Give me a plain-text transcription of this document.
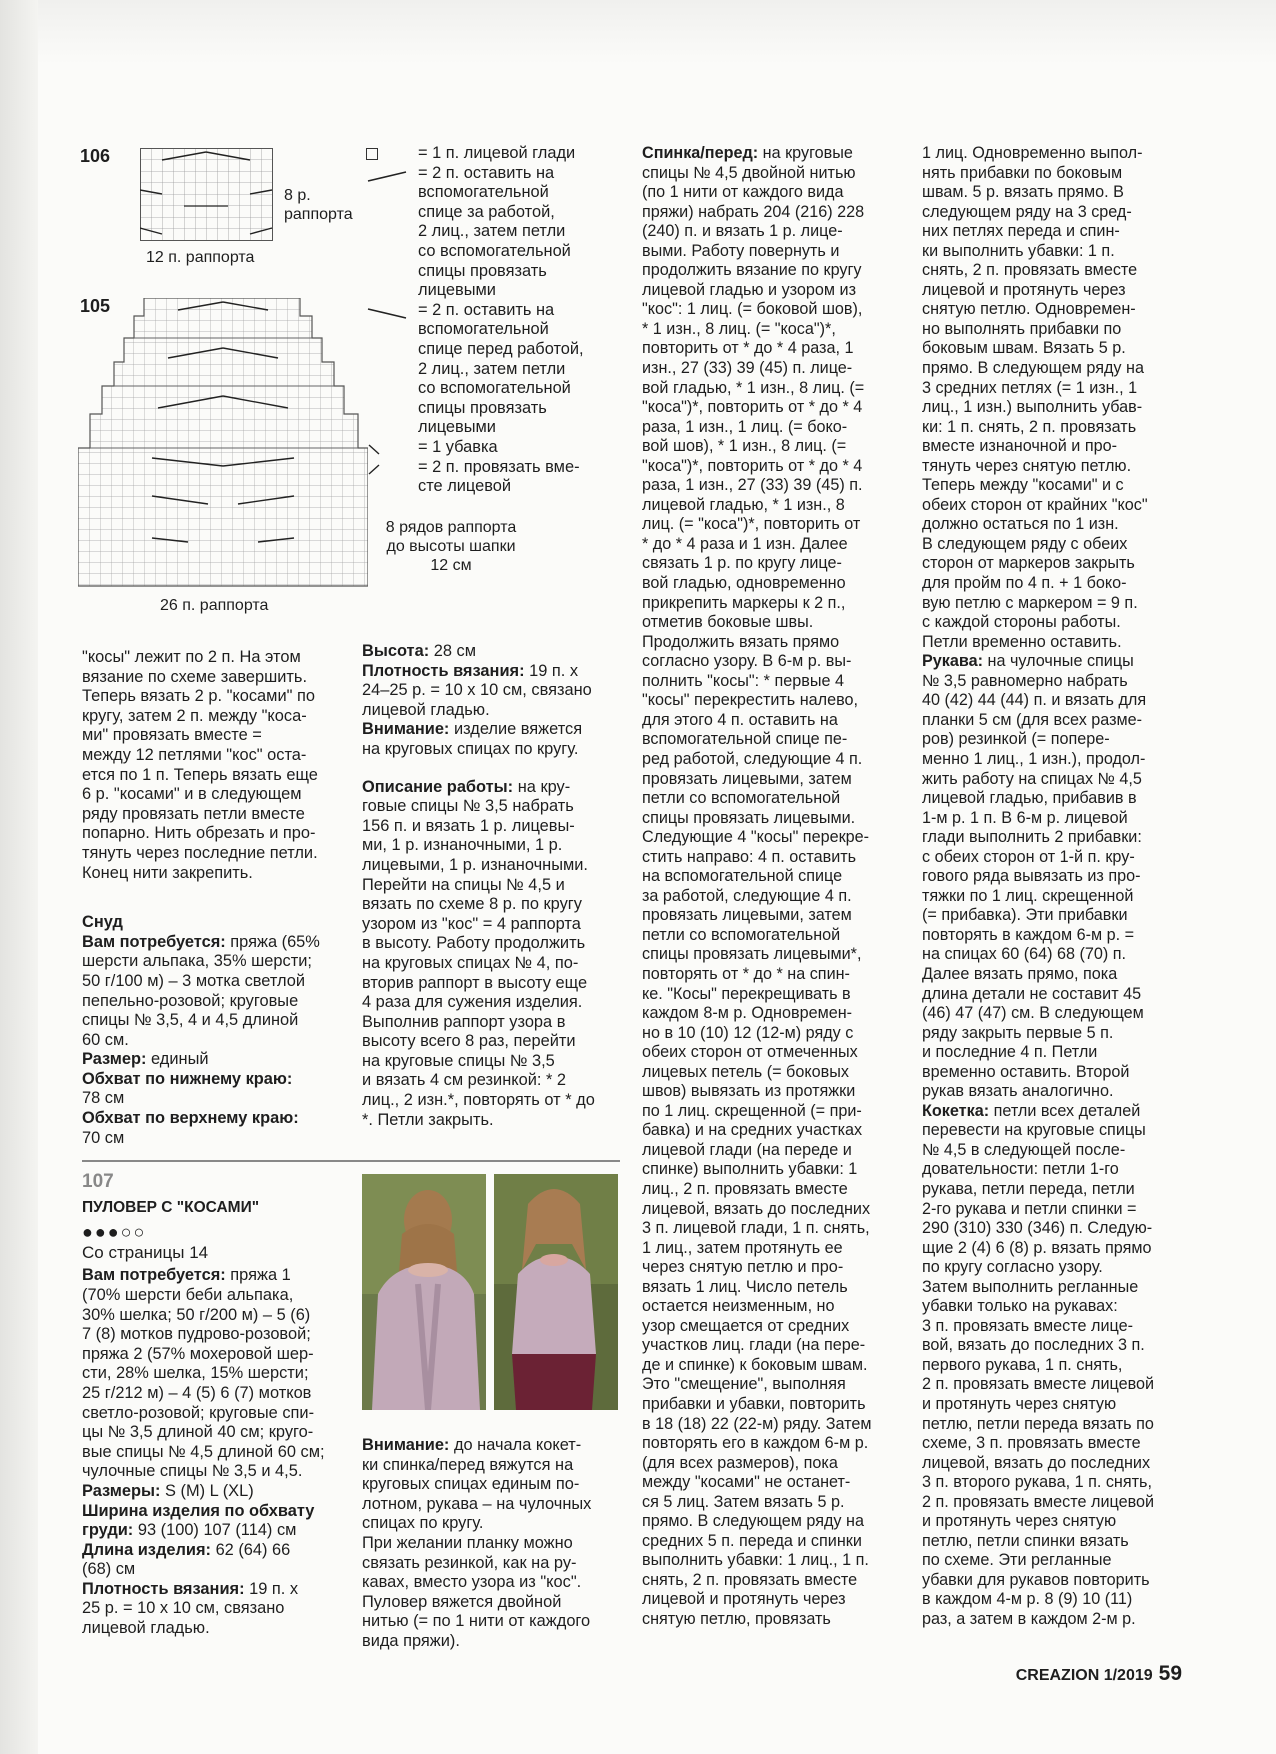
106
8 р.
раппорта
12 п. раппорта
105
8 рядов раппорта
до высоты шапки
12 см
26 п. раппорта
= 1 п. лицевой глади
= 2 п. оставить на
вспомогательной
спице за работой,
2 лиц., затем петли
со вспомогательной
спицы провязать
лицевыми
= 2 п. оставить на
вспомогательной
спице перед работой,
2 лиц., затем петли
со вспомогательной
спицы провязать
лицевыми
= 1 убавка
= 2 п. провязать вме-
сте лицевой

"косы" лежит по 2 п. На этом

вязание по схеме завершить.

Теперь вязать 2 р. "косами" по

кругу, затем 2 п. между "коса-

ми" провязать вместе =

между 12 петлями "кос" оста-

ется по 1 п. Теперь вязать еще

6 р. "косами" и в следующем

ряду провязать петли вместе

попарно. Нить обрезать и про-

тянуть через последние петли.

Конец нити закрепить.

Снуд

Вам потребуется: пряжа (65%

шерсти альпака, 35% шерсти;

50 г/100 м) – 3 мотка светлой

пепельно-розовой; круговые

спицы № 3,5, 4 и 4,5 длиной

60 см.

Размер: единый

Обхват по нижнему краю:

78 см

Обхват по верхнему краю:

70 см

Высота: 28 см

Плотность вязания: 19 п. х

24–25 р. = 10 х 10 см, связано

лицевой гладью.

Внимание: изделие вяжется

на круговых спицах по кругу.

Описание работы: на кру-

говые спицы № 3,5 набрать

156 п. и вязать 1 р. лицевы-

ми, 1 р. изнаночными, 1 р.

лицевыми, 1 р. изнаночными.

Перейти на спицы № 4,5 и

вязать по схеме 8 р. по кругу

узором из "кос" = 4 раппорта

в высоту. Работу продолжить

на круговых спицах № 4, по-

вторив раппорт в высоту еще

4 раза для сужения изделия.

Выполнив раппорт узора в

высоту всего 8 раз, перейти

на круговые спицы № 3,5

и вязать 4 см резинкой: * 2

лиц., 2 изн.*, повторять от * до

*. Петли закрыть.

107

ПУЛОВЕР С "КОСАМИ"

●●●○○

Со страницы 14

Вам потребуется: пряжа 1

(70% шерсти беби альпака,

30% шелка; 50 г/200 м) – 5 (6)

7 (8) мотков пудрово-розовой;

пряжа 2 (57% мохеровой шер-

сти, 28% шелка, 15% шерсти;

25 г/212 м) – 4 (5) 6 (7) мотков

светло-розовой; круговые спи-

цы № 3,5 длиной 40 см; круго-

вые спицы № 4,5 длиной 60 см;

чулочные спицы № 3,5 и 4,5.

Размеры: S (M) L (XL)

Ширина изделия по обхвату

груди: 93 (100) 107 (114) см

Длина изделия: 62 (64) 66

(68) см

Плотность вязания: 19 п. х

25 р. = 10 х 10 см, связано

лицевой гладью.

Внимание: до начала кокет-

ки спинка/перед вяжутся на

круговых спицах единым по-

лотном, рукава – на чулочных

спицах по кругу.

При желании планку можно

связать резинкой, как на ру-

кавах, вместо узора из "кос".

Пуловер вяжется двойной

нитью (= по 1 нити от каждого

вида пряжи).

Спинка/перед: на круговые

спицы № 4,5 двойной нитью

(по 1 нити от каждого вида

пряжи) набрать 204 (216) 228

(240) п. и вязать 1 р. лице-

выми. Работу повернуть и

продолжить вязание по кругу

лицевой гладью и узором из

"кос": 1 лиц. (= боковой шов),

* 1 изн., 8 лиц. (= "коса")*,

повторить от * до * 4 раза, 1

изн., 27 (33) 39 (45) п. лице-

вой гладью, * 1 изн., 8 лиц. (=

"коса")*, повторить от * до * 4

раза, 1 изн., 1 лиц. (= боко-

вой шов), * 1 изн., 8 лиц. (=

"коса")*, повторить от * до * 4

раза, 1 изн., 27 (33) 39 (45) п.

лицевой гладью, * 1 изн., 8

лиц. (= "коса")*, повторить от

* до * 4 раза и 1 изн. Далее

связать 1 р. по кругу лице-

вой гладью, одновременно

прикрепить маркеры к 2 п.,

отметив боковые швы.

Продолжить вязать прямо

согласно узору. В 6-м р. вы-

полнить "косы": * первые 4

"косы" перекрестить налево,

для этого 4 п. оставить на

вспомогательной спице пе-

ред работой, следующие 4 п.

провязать лицевыми, затем

петли со вспомогательной

спицы провязать лицевыми.

Следующие 4 "косы" перекре-

стить направо: 4 п. оставить

на вспомогательной спице

за работой, следующие 4 п.

провязать лицевыми, затем

петли со вспомогательной

спицы провязать лицевыми*,

повторять от * до * на спин-

ке. "Косы" перекрещивать в

каждом 8-м р. Одновремен-

но в 10 (10) 12 (12-м) ряду с

обеих сторон от отмеченных

лицевых петель (= боковых

швов) вывязать из протяжки

по 1 лиц. скрещенной (= при-

бавка) и на средних участках

лицевой глади (на переде и

спинке) выполнить убавки: 1

лиц., 2 п. провязать вместе

лицевой, вязать до последних

3 п. лицевой глади, 1 п. снять,

1 лиц., затем протянуть ее

через снятую петлю и про-

вязать 1 лиц. Число петель

остается неизменным, но

узор смещается от средних

участков лиц. глади (на пере-

де и спинке) к боковым швам.

Это "смещение", выполняя

прибавки и убавки, повторить

в 18 (18) 22 (22-м) ряду. Затем

повторять его в каждом 6-м р.

(для всех размеров), пока

между "косами" не останет-

ся 5 лиц. Затем вязать 5 р.

прямо. В следующем ряду на

средних 5 п. переда и спинки

выполнить убавки: 1 лиц., 1 п.

снять, 2 п. провязать вместе

лицевой и протянуть через

снятую петлю, провязать

1 лиц. Одновременно выпол-

нять прибавки по боковым

швам. 5 р. вязать прямо. В

следующем ряду на 3 сред-

них петлях переда и спин-

ки выполнить убавки: 1 п.

снять, 2 п. провязать вместе

лицевой и протянуть через

снятую петлю. Одновремен-

но выполнять прибавки по

боковым швам. Вязать 5 р.

прямо. В следующем ряду на

3 средних петлях (= 1 изн., 1

лиц., 1 изн.) выполнить убав-

ки: 1 п. снять, 2 п. провязать

вместе изнаночной и про-

тянуть через снятую петлю.

Теперь между "косами" и с

обеих сторон от крайних "кос"

должно остаться по 1 изн.

В следующем ряду с обеих

сторон от маркеров закрыть

для пройм по 4 п. + 1 боко-

вую петлю с маркером = 9 п.

с каждой стороны работы.

Петли временно оставить.

Рукава: на чулочные спицы

№ 3,5 равномерно набрать

40 (42) 44 (44) п. и вязать для

планки 5 см (для всех разме-

ров) резинкой (= попере-

менно 1 лиц., 1 изн.), продол-

жить работу на спицах № 4,5

лицевой гладью, прибавив в

1-м р. 1 п. В 6-м р. лицевой

глади выполнить 2 прибавки:

с обеих сторон от 1-й п. кру-

гового ряда вывязать из про-

тяжки по 1 лиц. скрещенной

(= прибавка). Эти прибавки

повторять в каждом 6-м р. =

на спицах 60 (64) 68 (70) п.

Далее вязать прямо, пока

длина детали не составит 45

(46) 47 (47) см. В следующем

ряду закрыть первые 5 п.

и последние 4 п. Петли

временно оставить. Второй

рукав вязать аналогично.

Кокетка: петли всех деталей

перевести на круговые спицы

№ 4,5 в следующей после-

довательности: петли 1-го

рукава, петли переда, петли

2-го рукава и петли спинки =

290 (310) 330 (346) п. Следую-

щие 2 (4) 6 (8) р. вязать прямо

по кругу согласно узору.

Затем выполнить регланные

убавки только на рукавах:

3 п. провязать вместе лице-

вой, вязать до последних 3 п.

первого рукава, 1 п. снять,

2 п. провязать вместе лицевой

и протянуть через снятую

петлю, петли переда вязать по

схеме, 3 п. провязать вместе

лицевой, вязать до последних

3 п. второго рукава, 1 п. снять,

2 п. провязать вместе лицевой

и протянуть через снятую

петлю, петли спинки вязать

по схеме. Эти регланные

убавки для рукавов повторить

в каждом 4-м р. 8 (9) 10 (11)

раз, а затем в каждом 2-м р.

CREAZION 1/2019 59
